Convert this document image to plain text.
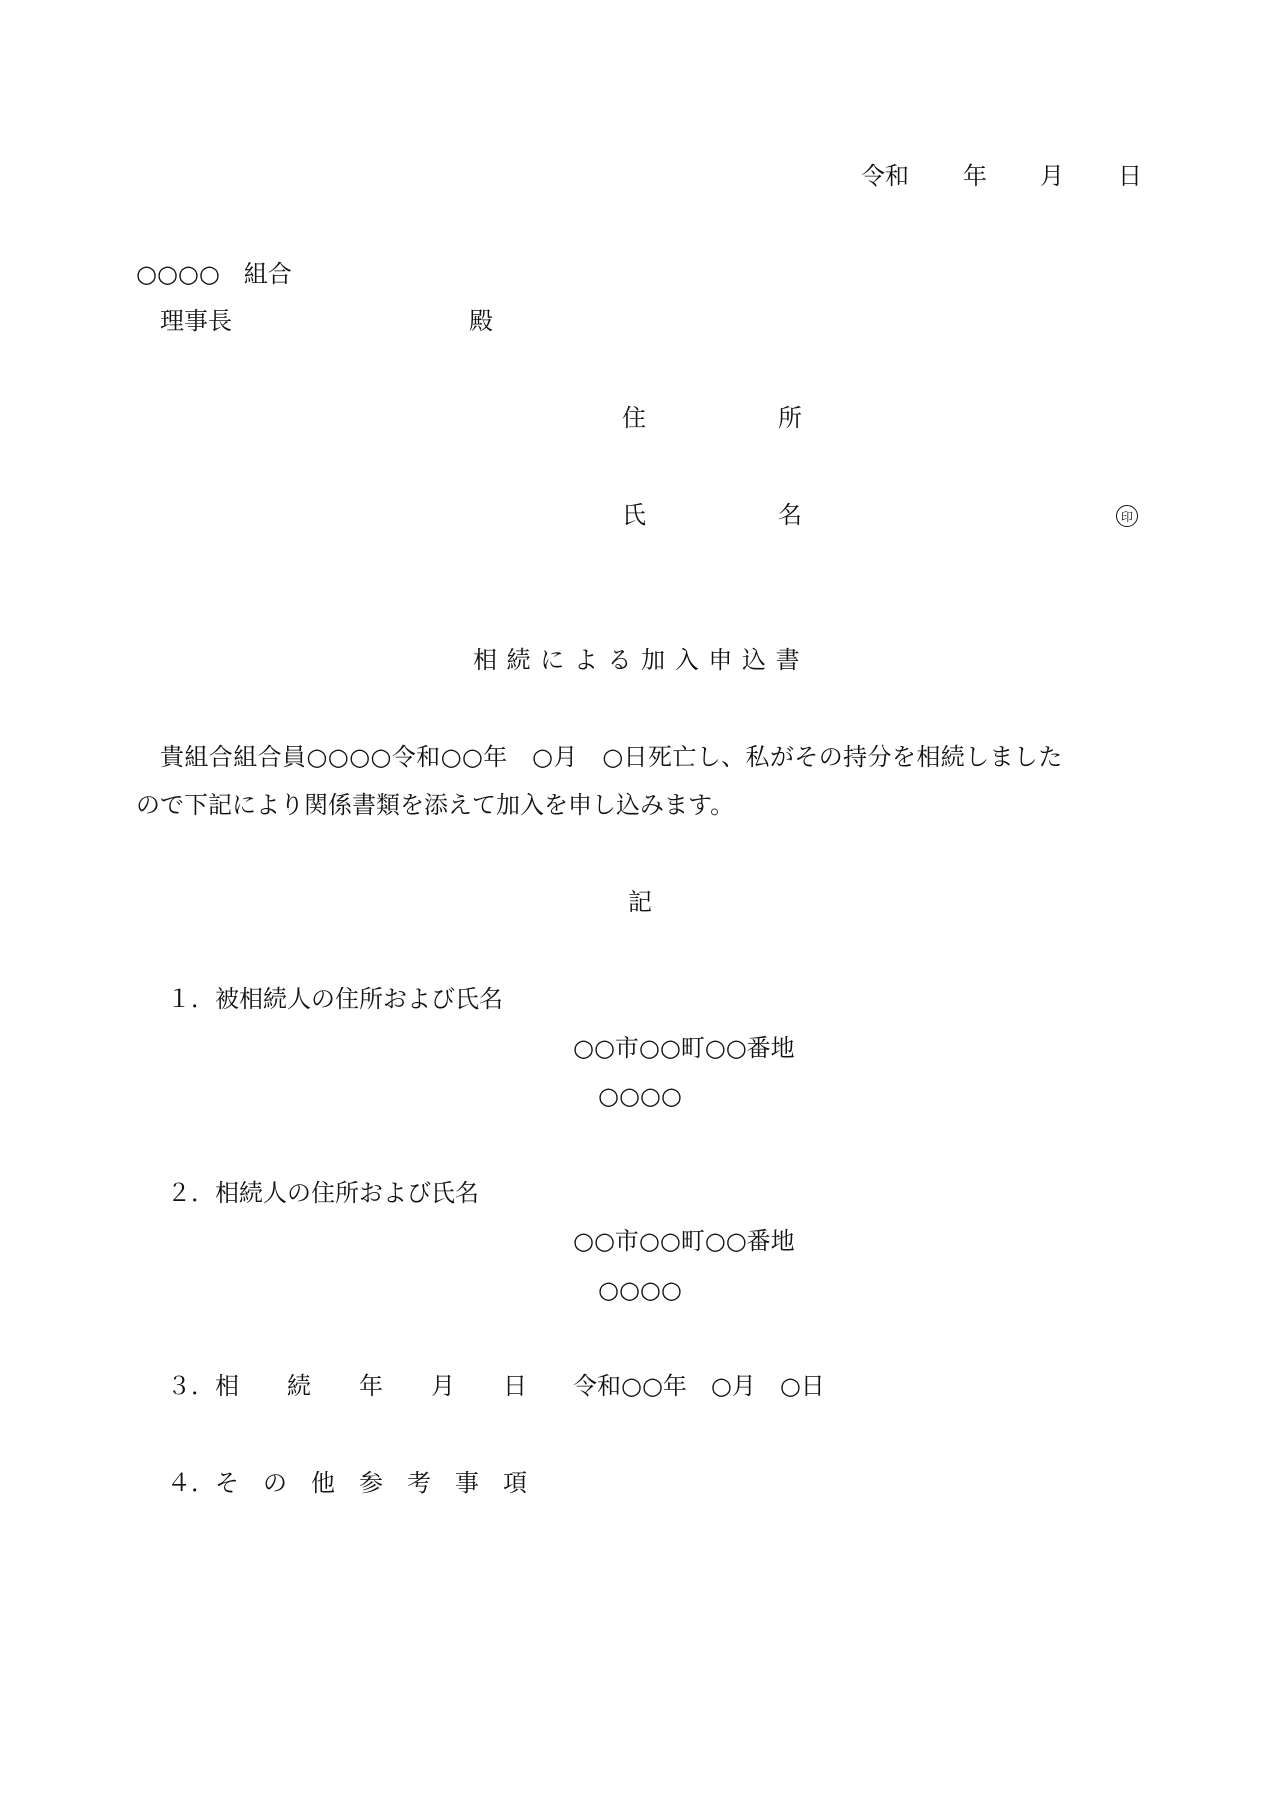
令和 年 月 日
○○○○　組合
理事長	殿
住	所
氏	名	印
相 続 に よ る 加 入 申 込 書
貴組合組合員○○○○令和○○年　○月　○日死亡し、私がその持分を相続しました
ので下記により関係書類を添えて加入を申し込みます。
記
１．被相続人の住所および氏名
○○市○○町○○番地
○○○○
２．相続人の住所および氏名
○○市○○町○○番地
○○○○
３．相　　続　　年　　月　　日 令和○○年　○月　○日
４．そ　の　他　参　考　事　項
